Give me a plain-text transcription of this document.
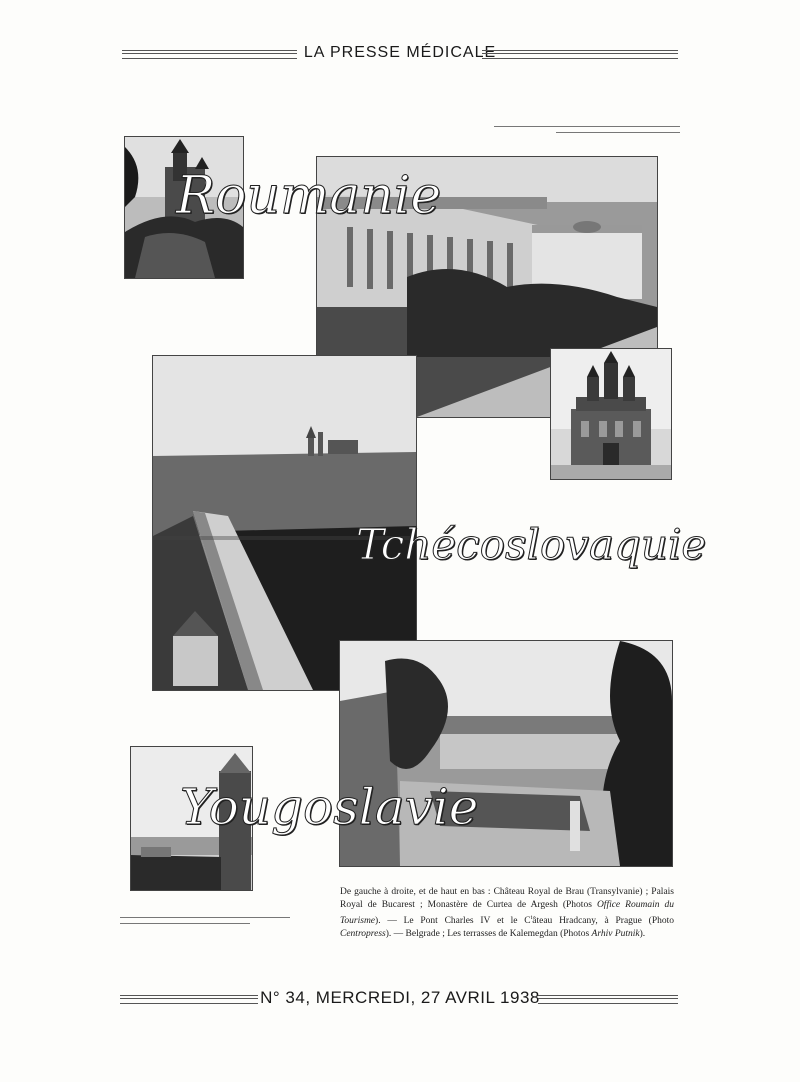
LA PRESSE MÉDICALE
Roumanie
Tchécoslovaquie
Yougoslavie
De gauche à droite, et de haut en bas : Château Royal de Brau (Transylvanie) ; Palais Royal de Bucarest ; Monastère de Curtea de Argesh (Photos Office Roumain du Tourisme). — Le Pont Charles IV et le $C^tâteau$ Hradcany, à Prague (Photo Centropress). — Belgrade ; Les terrasses de Kalemegdan (Photos Arhiv Putnik).
N° 34, MERCREDI, 27 AVRIL 1938
